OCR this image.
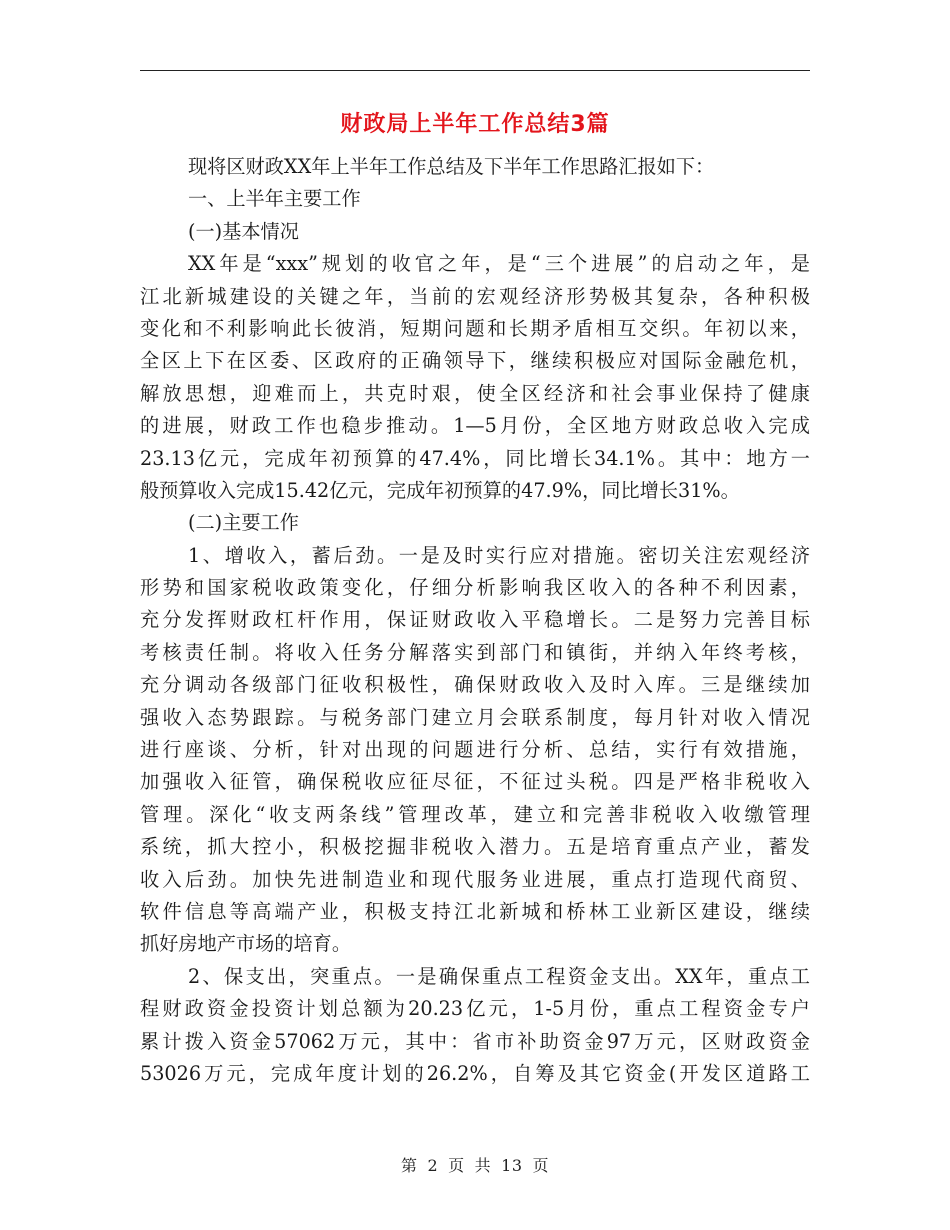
财政局上半年工作总结3篇
现将区财政XX年上半年工作总结及下半年工作思路汇报如下：
一、上半年主要工作
(一)基本情况
XX年是“xxx”规划的收官之年，是“三个进展”的启动之年，是
江北新城建设的关键之年，当前的宏观经济形势极其复杂，各种积极
变化和不利影响此长彼消，短期问题和长期矛盾相互交织。年初以来，
全区上下在区委、区政府的正确领导下，继续积极应对国际金融危机，
解放思想，迎难而上，共克时艰，使全区经济和社会事业保持了健康
的进展，财政工作也稳步推动。1—5月份，全区地方财政总收入完成
23.13亿元，完成年初预算的47.4%，同比增长34.1%。其中：地方一
般预算收入完成15.42亿元，完成年初预算的47.9%，同比增长31%。
(二)主要工作
1、增收入，蓄后劲。一是及时实行应对措施。密切关注宏观经济
形势和国家税收政策变化，仔细分析影响我区收入的各种不利因素，
充分发挥财政杠杆作用，保证财政收入平稳增长。二是努力完善目标
考核责任制。将收入任务分解落实到部门和镇街，并纳入年终考核，
充分调动各级部门征收积极性，确保财政收入及时入库。三是继续加
强收入态势跟踪。与税务部门建立月会联系制度，每月针对收入情况
进行座谈、分析，针对出现的问题进行分析、总结，实行有效措施，
加强收入征管，确保税收应征尽征，不征过头税。四是严格非税收入
管理。深化“收支两条线”管理改革，建立和完善非税收入收缴管理
系统，抓大控小，积极挖掘非税收入潜力。五是培育重点产业，蓄发
收入后劲。加快先进制造业和现代服务业进展，重点打造现代商贸、
软件信息等高端产业，积极支持江北新城和桥林工业新区建设，继续
抓好房地产市场的培育。
2、保支出，突重点。一是确保重点工程资金支出。XX年，重点工
程财政资金投资计划总额为20.23亿元，1-5月份，重点工程资金专户
累计拨入资金57062万元，其中：省市补助资金97万元，区财政资金
53026万元，完成年度计划的26.2%，自筹及其它资金(开发区道路工
第 2 页 共 13 页
